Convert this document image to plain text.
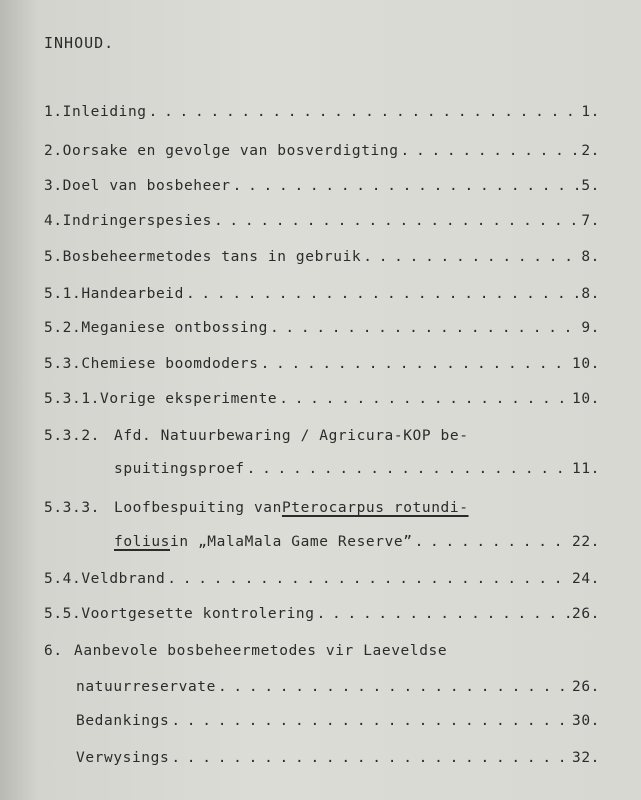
INHOUD.
1. Inleiding . . .	1.
2. Oorsake en gevolge van bosverdigting . . .	2.
3. Doel van bosbeheer . . .	5.
4. Indringerspesies . . .	7.
5. Bosbeheermetodes tans in gebruik . . .	8.
5.1. Handearbeid . . .	8.
5.2. Meganiese ontbossing . . .	9.
5.3. Chemiese boomdoders . . .	10.
5.3.1. Vorige eksperimente . . .	10.
5.3.2. Afd. Natuurbewaring / Agricura-KOP be-
spuitingsproef . . .	11.
5.3.3. Loofbespuiting van Pterocarpus rotundi-
folius in „MalaMala Game Reserve” . . .	22.
5.4. Veldbrand . . .	24.
5.5. Voortgesette kontrolering . . .	26.
6. Aanbevole bosbeheermetodes vir Laeveldse
natuurreservate . . .	26.
Bedankings . . .	30.
Verwysings . . .	32.
